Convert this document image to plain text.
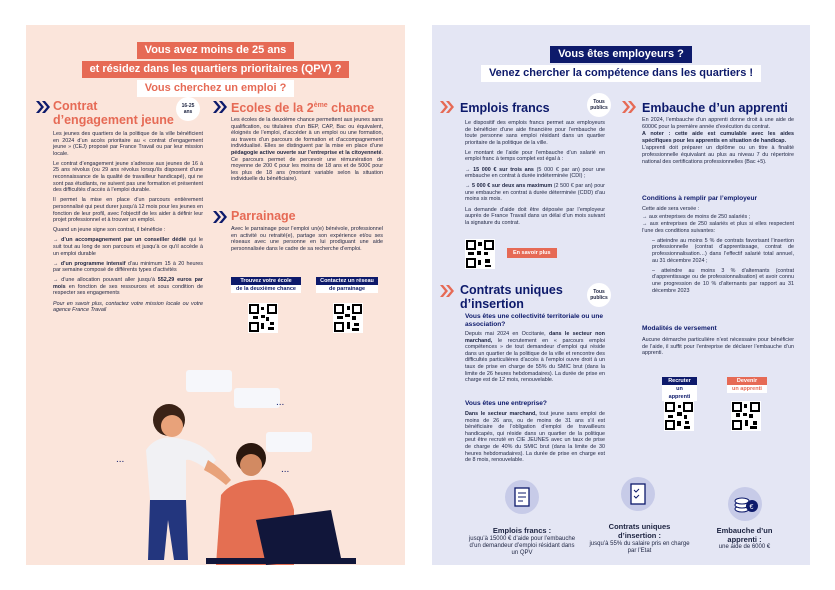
Vous avez moins de 25 ans
et résidez dans les quartiers prioritaires (QPV) ?
Vous cherchez un emploi ?
Contrat
d’engagement jeune
16-25
ans

Les jeunes des quartiers de la politique de la ville bénéficient en 2024 d’un accès prioritaire au « contrat d’engagement jeune » (CEJ) proposé par France Travail ou par leur mission locale.

Le contrat d’engagement jeune s’adresse aux jeunes de 16 à 25 ans révolus (ou 29 ans révolus lorsqu’ils disposent d’une reconnaissance de la qualité de travailleur handicapé), qui ne sont pas étudiants, ne suivent pas une formation et présentent des difficultés d’accès à l’emploi durable.

Il permet la mise en place d’un parcours entièrement personnalisé qui peut durer jusqu’à 12 mois pour les jeunes en fonction de leur profil, avec l’objectif de les aider à définir leur projet professionnel et à trouver un emploi.

Quand un jeune signe son contrat, il bénéficie :

→ d’un accompagnement par un conseiller dédié qui le suit tout au long de son parcours et jusqu’à ce qu’il accède à un emploi durable

→ d’un programme intensif d’au minimum 15 à 20 heures par semaine composé de différents types d’activités

→ d’une allocation pouvant aller jusqu’à 552,29 euros par mois en fonction de ses ressources et sous condition de respecter ses engagements

Pour en savoir plus, contactez votre mission locale ou votre agence France Travail

Ecoles de la 2ème chance

Les écoles de la deuxième chance permettent aux jeunes sans qualification, ou titulaires d’un BEP, CAP, Bac ou équivalent, éloignés de l’emploi, d’accéder à un emploi ou une formation, au travers d’un parcours de formation et d’accompagnement individualisé. Elles se distinguent par la mise en place d’une pédagogie active ouverte sur l’entreprise et la citoyenneté. Ce parcours permet de percevoir une rémunération de moyenne de 200 € pour les moins de 18 ans et de 500€ pour les plus de 18 ans (montant variable selon la situation individuelle du bénéficiaire).

Parrainage

Avec le parrainage pour l’emploi un(e) bénévole, professionnel en activité ou retraité(e), partage son expérience et/ou ses réseaux avec une personne en lui prodiguant une aide personnalisée dans le cadre de sa recherche d’emploi.

Trouvez votre école
de la deuxième chance
Contactez un réseau
de parrainage
...
...
...
Vous êtes employeurs ?
Venez chercher la compétence dans les quartiers !
Emplois francs	Tous
publics

Le dispositif des emplois francs permet aux employeurs de bénéficier d’une aide financière pour l’embauche de toute personne sans emploi résidant dans un quartier prioritaire de la politique de la ville.

Le montant de l’aide pour l’embauche d’un salarié en emploi franc à temps complet est égal à :

→ 15 000 € sur trois ans (5 000 € par an) pour une embauche en contrat à durée indéterminée (CDI) ;

→ 5 000 € sur deux ans maximum (2 500 € par an) pour une embauche en contrat à durée déterminée (CDD) d’au moins six mois.

La demande d’aide doit être déposée par l’employeur auprès de France Travail dans un délai d’un mois suivant la signature du contrat.

En savoir plus
Contrats uniques
d’insertion
Tous
publics
Vous êtes une collectivité territoriale ou une association?

Depuis mai 2024 en Occitanie, dans le secteur non marchand, le recrutement en « parcours emploi compétences » de tout demandeur d’emploi qui réside dans un quartier de la politique de la ville et rencontre des difficultés particulières d’accès à l’emploi ouvre droit à un taux de prise en charge de 55% du SMIC brut (dans la limite de 26 heures hebdomadaires). La durée de prise en charge est de 12 mois, renouvelable.

Vous êtes une entreprise?

Dans le secteur marchand, tout jeune sans emploi de moins de 26 ans, ou de moins de 31 ans s’il est bénéficiaire de l’obligation d’emploi de travailleurs handicapés, qui réside dans un quartier de la politique peut être recruté en CIE JEUNES avec un taux de prise de charge de 40% du SMIC brut (dans la limite de 30 heures hebdomadaires). La durée de prise en charge est de 8 mois, renouvelable.

Embauche d’un apprenti

En 2024, l’embauche d’un apprenti donne droit à une aide de 6000€ pour la première année d’exécution du contrat.

A noter : cette aide est cumulable avec les aides spécifiques pour les apprentis en situation de handicap.

L’apprenti doit préparer un diplôme ou un titre à finalité professionnelle équivalant au plus au niveau 7 du répertoire national des certifications professionnelles (Bac +5).

Conditions à remplir par l’employeur

Cette aide sera versée :

→ aux entreprises de moins de 250 salariés ;

→ aux entreprises de 250 salariés et plus si elles respectent l’une des conditions suivantes:

– atteindre au moins 5 % de contrats favorisant l’insertion professionnelle (contrat d’apprentissage, contrat de professionnalisation…) dans l’effectif salarié total annuel, au 31 décembre 2024 ;

– atteindre au moins 3 % d’alternants (contrat d’apprentissage ou de professionnalisation) et avoir connu une progression de 10 % d’alternants par rapport au 31 décembre 2023

Modalités de versement

Aucune démarche particulière n’est nécessaire pour bénéficier de l’aide, il suffit pour l’entreprise de déclarer l’embauche d’un apprenti.

Recruter
un apprenti
Devenir
un apprenti
€
Emplois francs :
jusqu’à 15000 € d’aide pour l’embauche d’un demandeur d’emploi résidant dans un QPV
Contrats uniques d’insertion :
jusqu’à 55% du salaire pris en charge par l’Etat
Embauche d’un apprenti :
une aide de 6000 €
